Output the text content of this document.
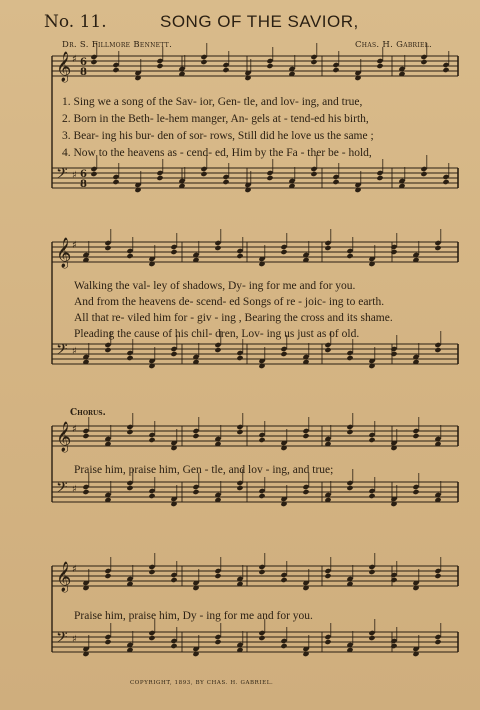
No. 11.	SONG OF THE SAVIOR,
Dr. S. Fillmore Bennett.	Chas. H. Gabriel.
𝄞 ♯ 6
8
𝄢 ♯ 6
8
1. Sing we a song of the Sav- ior, Gen- tle, and lov- ing, and true,
2. Born in the Beth- le-hem manger, An- gels at - tend-ed his birth,
3. Bear- ing his bur- den of sor- rows, Still did he love us the same ;
4. Now to the heavens as - cend- ed, Him by the Fa - ther be - hold,
𝄞 ♯
𝄢 ♯
Walking the val- ley of shadows, Dy- ing for me and for you.
And from the heavens de- scend- ed Songs of re - joic- ing to earth.
All that re- viled him for - giv - ing , Bearing the cross and its shame.
Pleading the cause of his chil- dren, Lov- ing us just as of old.
Chorus.
𝄞 ♯
𝄢 ♯
Praise him, praise him, Gen - tle, and lov - ing, and true;
𝄞 ♯
𝄢 ♯
Praise him, praise him, Dy - ing for me and for you.
COPYRIGHT, 1893, BY CHAS. H. GABRIEL.
